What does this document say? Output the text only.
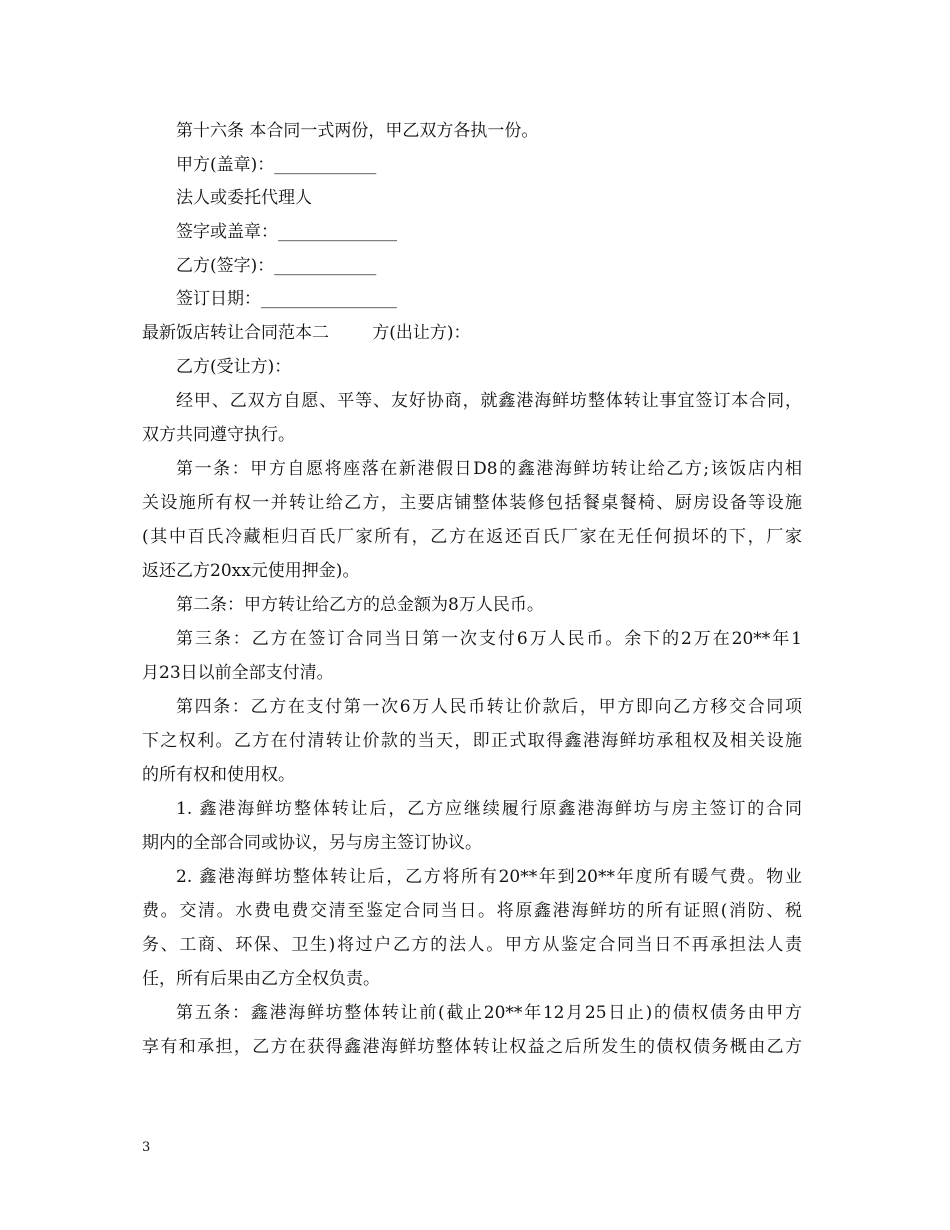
第十六条 本合同一式两份，甲乙双方各执一份。
甲方(盖章)：____________
法人或委托代理人
签字或盖章：______________
乙方(签字)：____________
签订日期：________________
最新饭店转让合同范本二        方(出让方)：
乙方(受让方)：
经甲、乙双方自愿、平等、友好协商，就鑫港海鲜坊整体转让事宜签订本合同，
双方共同遵守执行。
第一条：甲方自愿将座落在新港假日D8的鑫港海鲜坊转让给乙方;该饭店内相
关设施所有权一并转让给乙方，主要店铺整体装修包括餐桌餐椅、厨房设备等设施
(其中百氏冷藏柜归百氏厂家所有，乙方在返还百氏厂家在无任何损坏的下，厂家
返还乙方20xx元使用押金)。
第二条：甲方转让给乙方的总金额为8万人民币。
第三条：乙方在签订合同当日第一次支付6万人民币。余下的2万在20**年1
月23日以前全部支付清。
第四条：乙方在支付第一次6万人民币转让价款后，甲方即向乙方移交合同项
下之权利。乙方在付清转让价款的当天，即正式取得鑫港海鲜坊承租权及相关设施
的所有权和使用权。
1. 鑫港海鲜坊整体转让后，乙方应继续履行原鑫港海鲜坊与房主签订的合同
期内的全部合同或协议，另与房主签订协议。
2. 鑫港海鲜坊整体转让后，乙方将所有20**年到20**年度所有暖气费。物业
费。交清。水费电费交清至鉴定合同当日。将原鑫港海鲜坊的所有证照(消防、税
务、工商、环保、卫生)将过户乙方的法人。甲方从鉴定合同当日不再承担法人责
任，所有后果由乙方全权负责。
第五条：鑫港海鲜坊整体转让前(截止20**年12月25日止)的债权债务由甲方
享有和承担，乙方在获得鑫港海鲜坊整体转让权益之后所发生的债权债务概由乙方
3
